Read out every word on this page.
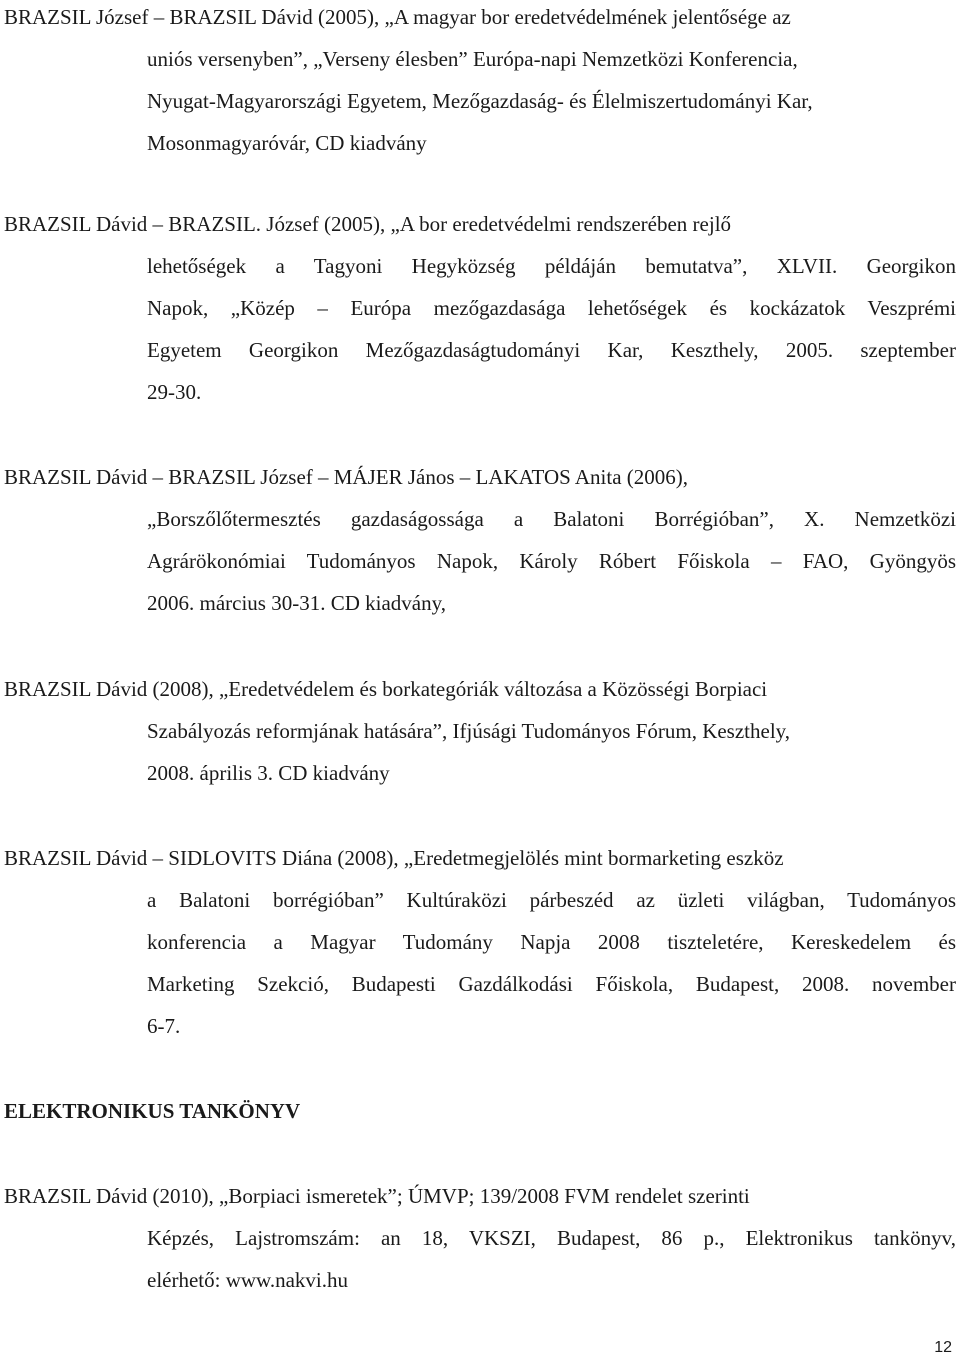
BRAZSIL József – BRAZSIL Dávid (2005), „A magyar bor eredetvédelmének jelentősége az
uniós versenyben”, „Verseny élesben” Európa-napi Nemzetközi Konferencia,
Nyugat-Magyarországi Egyetem, Mezőgazdaság- és Élelmiszertudományi Kar,
Mosonmagyaróvár, CD kiadvány
BRAZSIL Dávid – BRAZSIL. József (2005), „A bor eredetvédelmi rendszerében rejlő
lehetőségek a Tagyoni Hegyközség példáján bemutatva”, XLVII. Georgikon
Napok, „Közép – Európa mezőgazdasága lehetőségek és kockázatok Veszprémi
Egyetem Georgikon Mezőgazdaságtudományi Kar, Keszthely, 2005. szeptember
29-30.
BRAZSIL Dávid – BRAZSIL József – MÁJER János – LAKATOS Anita (2006),
„Borszőlőtermesztés gazdaságossága a Balatoni Borrégióban”, X. Nemzetközi
Agrárökonómiai Tudományos Napok, Károly Róbert Főiskola – FAO, Gyöngyös
2006. március 30-31. CD kiadvány,
BRAZSIL Dávid (2008), „Eredetvédelem és borkategóriák változása a Közösségi Borpiaci
Szabályozás reformjának hatására”, Ifjúsági Tudományos Fórum, Keszthely,
2008. április 3. CD kiadvány
BRAZSIL Dávid – SIDLOVITS Diána (2008), „Eredetmegjelölés mint bormarketing eszköz
a Balatoni borrégióban” Kultúraközi párbeszéd az üzleti világban, Tudományos
konferencia a Magyar Tudomány Napja 2008 tiszteletére, Kereskedelem és
Marketing Szekció, Budapesti Gazdálkodási Főiskola, Budapest, 2008. november
6-7.
ELEKTRONIKUS TANKÖNYV
BRAZSIL Dávid (2010), „Borpiaci ismeretek”; ÚMVP; 139/2008 FVM rendelet szerinti
Képzés, Lajstromszám: an 18, VKSZI, Budapest, 86 p., Elektronikus tankönyv,
elérhető: www.nakvi.hu
12
